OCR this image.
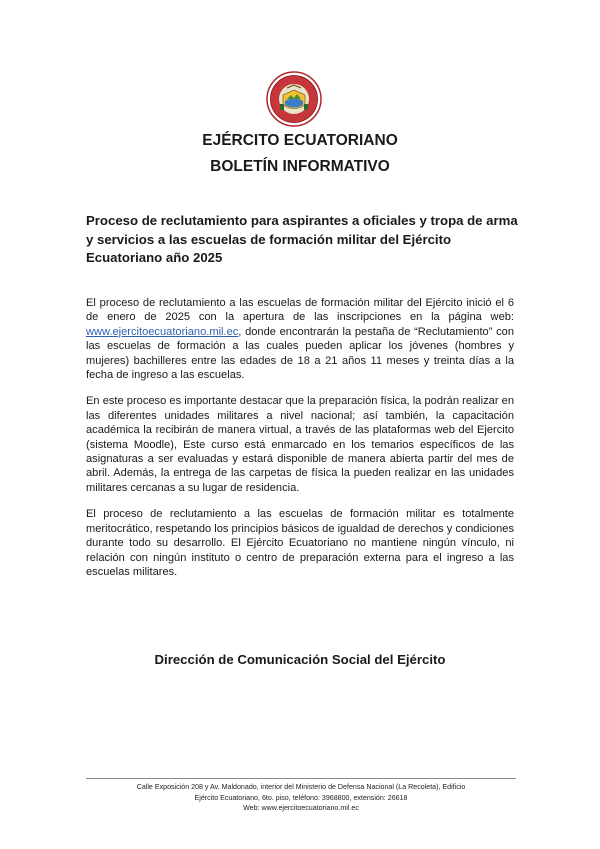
EJÉRCITO ECUATORIANO
BOLETÍN INFORMATIVO
Proceso de reclutamiento para aspirantes a oficiales y tropa de arma y servicios a las escuelas de formación militar del Ejército Ecuatoriano año 2025

El proceso de reclutamiento a las escuelas de formación militar del Ejército inició el 6 de enero de 2025 con la apertura de las inscripciones en la página web: www.ejercitoecuatoriano.mil.ec, donde encontrarán la pestaña de “Reclutamiento” con las escuelas de formación a las cuales pueden aplicar los jóvenes (hombres y mujeres) bachilleres entre las edades de 18 a 21 años 11 meses y treinta días a la fecha de ingreso a las escuelas.

En este proceso es importante destacar que la preparación física, la podrán realizar en las diferentes unidades militares a nivel nacional; así también, la capacitación académica la recibirán de manera virtual, a través de las plataformas web del Ejercito (sistema Moodle), Este curso está enmarcado en los temarios específicos de las asignaturas a ser evaluadas y estará disponible de manera abierta partir del mes de abril. Además, la entrega de las carpetas de física la pueden realizar en las unidades militares cercanas a su lugar de residencia.

El proceso de reclutamiento a las escuelas de formación militar es totalmente meritocrático, respetando los principios básicos de igualdad de derechos y condiciones durante todo su desarrollo. El Ejército Ecuatoriano no mantiene ningún vínculo, ni relación con ningún instituto o centro de preparación externa para el ingreso a las escuelas militares.

Dirección de Comunicación Social del Ejército
Calle Exposición 208 y Av. Maldonado, interior del Ministerio de Defensa Nacional (La Recoleta), Edificio
Ejército Ecuatoriano, 6to. piso, teléfono: 3968800, extensión: 26618
Web: www.ejercitoecuatoriano.mil.ec
